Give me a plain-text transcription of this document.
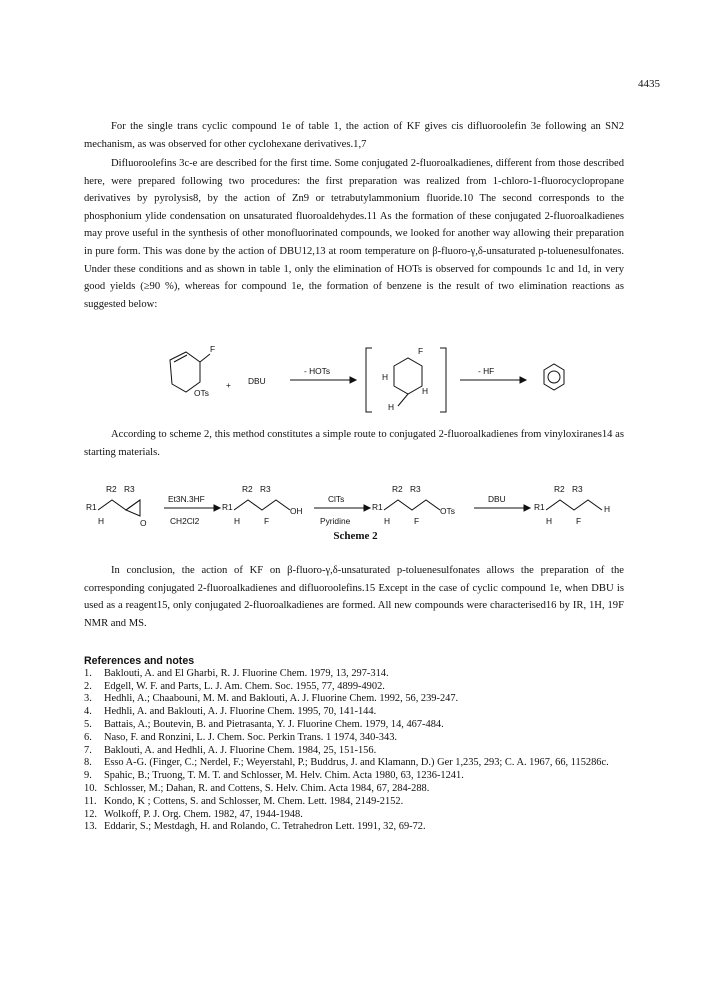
4435

For the single trans cyclic compound 1e of table 1, the action of KF gives cis difluoroolefin 3e following an SN2 mechanism, as was observed for other cyclohexane derivatives.1,7

Difluoroolefins 3c-e are described for the first time. Some conjugated 2-fluoroalkadienes, different from those described here, were prepared following two procedures: the first preparation was realized from 1-chloro-1-fluorocyclopropane derivatives by pyrolysis8, by the action of Zn9 or tetrabutylammonium fluoride.10 The second corresponds to the phosphonium ylide condensation on unsaturated fluoroaldehydes.11 As the formation of these conjugated 2-fluoroalkadienes may prove useful in the synthesis of other monofluorinated compounds, we looked for another way allowing their preparation in pure form. This was done by the action of DBU12,13 at room temperature on β-fluoro-γ,δ-unsaturated p-toluenesulfonates. Under these conditions and as shown in table 1, only the elimination of HOTs is observed for compounds 1c and 1d, in very good yields (≥90 %), whereas for compound 1e, the formation of benzene is the result of two elimination reactions as suggested below:

F
OTs
+ DBU
- HOTs
F
H
H
H
- HF

According to scheme 2, this method constitutes a simple route to conjugated 2-fluoroalkadienes from vinyloxiranes14 as starting materials.

R1
R2 R3
H	O
Et3N.3HF
CH2Cl2
R1
R2 R3
H	F
OH
ClTs
Pyridine
R1
R2 R3
H	F
OTs
DBU
R1
R2 R3
H	F
H
Scheme 2

In conclusion, the action of KF on β-fluoro-γ,δ-unsaturated p-toluenesulfonates allows the preparation of the corresponding conjugated 2-fluoroalkadienes and difluoroolefins.15 Except in the case of cyclic compound 1e, when DBU is used as a reagent15, only conjugated 2-fluoroalkadienes are formed. All new compounds were characterised16 by IR, 1H, 19F NMR and MS.

References and notes
1.	Baklouti, A. and El Gharbi, R. J. Fluorine Chem. 1979, 13, 297-314.
2.	Edgell, W. F. and Parts, L. J. Am. Chem. Soc. 1955, 77, 4899-4902.
3.	Hedhli, A.; Chaabouni, M. M. and Baklouti, A. J. Fluorine Chem. 1992, 56, 239-247.
4.	Hedhli, A. and Baklouti, A. J. Fluorine Chem. 1995, 70, 141-144.
5.	Battais, A.; Boutevin, B. and Pietrasanta, Y. J. Fluorine Chem. 1979, 14, 467-484.
6.	Naso, F. and Ronzini, L. J. Chem. Soc. Perkin Trans. 1 1974, 340-343.
7.	Baklouti, A. and Hedhli, A. J. Fluorine Chem. 1984, 25, 151-156.
8.	Esso A-G. (Finger, C.; Nerdel, F.; Weyerstahl, P.; Buddrus, J. and Klamann, D.) Ger 1,235, 293; C. A. 1967, 66, 115286c.
9.	Spahic, B.; Truong, T. M. T. and Schlosser, M. Helv. Chim. Acta 1980, 63, 1236-1241.
10. Schlosser, M.; Dahan, R. and Cottens, S. Helv. Chim. Acta 1984, 67, 284-288.
11. Kondo, K ; Cottens, S. and Schlosser, M. Chem. Lett. 1984, 2149-2152.
12. Wolkoff, P. J. Org. Chem. 1982, 47, 1944-1948.
13. Eddarir, S.; Mestdagh, H. and Rolando, C. Tetrahedron Lett. 1991, 32, 69-72.
